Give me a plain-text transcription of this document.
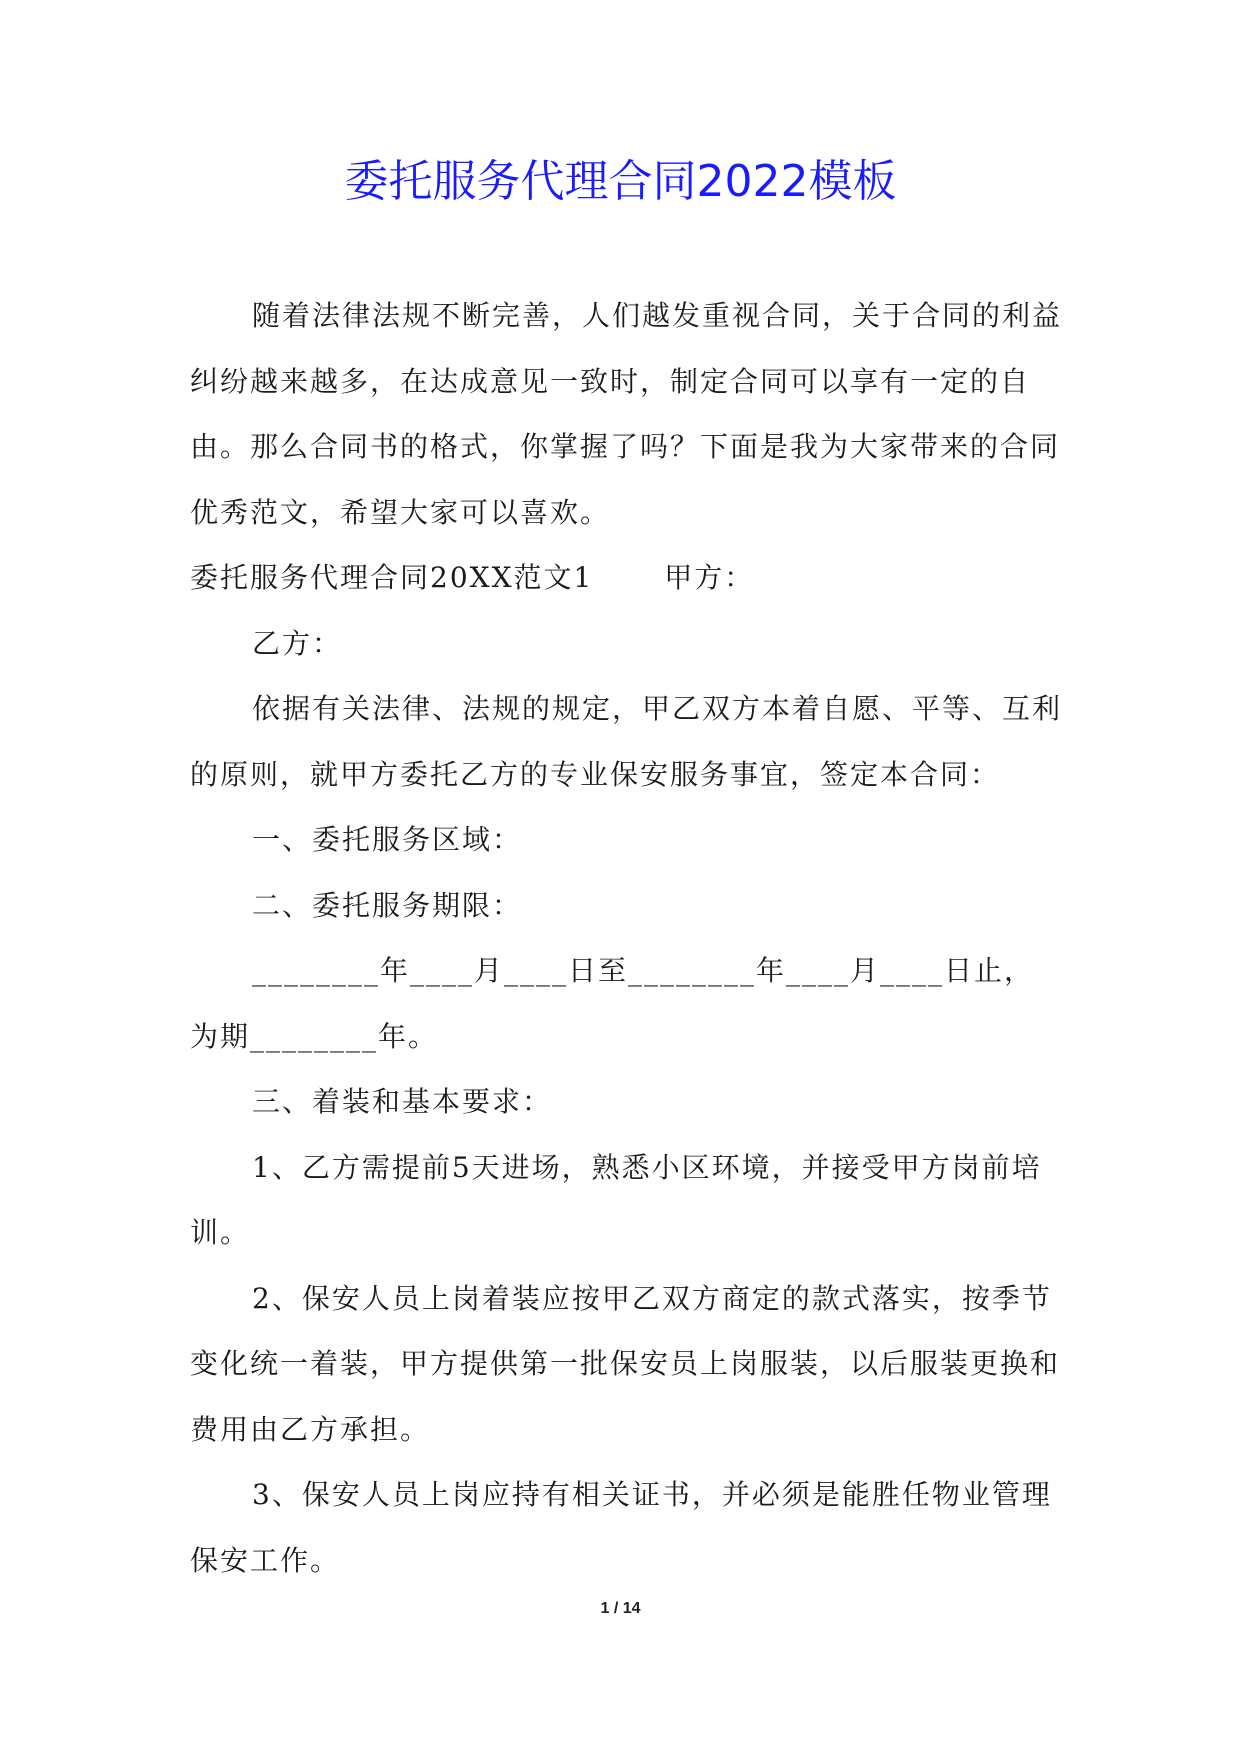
委托服务代理合同2022模板

随着法律法规不断完善，人们越发重视合同，关于合同的利益纠纷越来越多，在达成意见一致时，制定合同可以享有一定的自由。那么合同书的格式，你掌握了吗？下面是我为大家带来的合同优秀范文，希望大家可以喜欢。

委托服务代理合同20XX范文1　　 甲方：

乙方：

依据有关法律、法规的规定，甲乙双方本着自愿、平等、互利的原则，就甲方委托乙方的专业保安服务事宜，签定本合同：

一、委托服务区域：

二、委托服务期限：

________年____月____日至________年____月____日止，为期________年。

三、着装和基本要求：

1、乙方需提前5天进场，熟悉小区环境，并接受甲方岗前培训。

2、保安人员上岗着装应按甲乙双方商定的款式落实，按季节变化统一着装，甲方提供第一批保安员上岗服装，以后服装更换和费用由乙方承担。

3、保安人员上岗应持有相关证书，并必须是能胜任物业管理保安工作。

1 / 14
